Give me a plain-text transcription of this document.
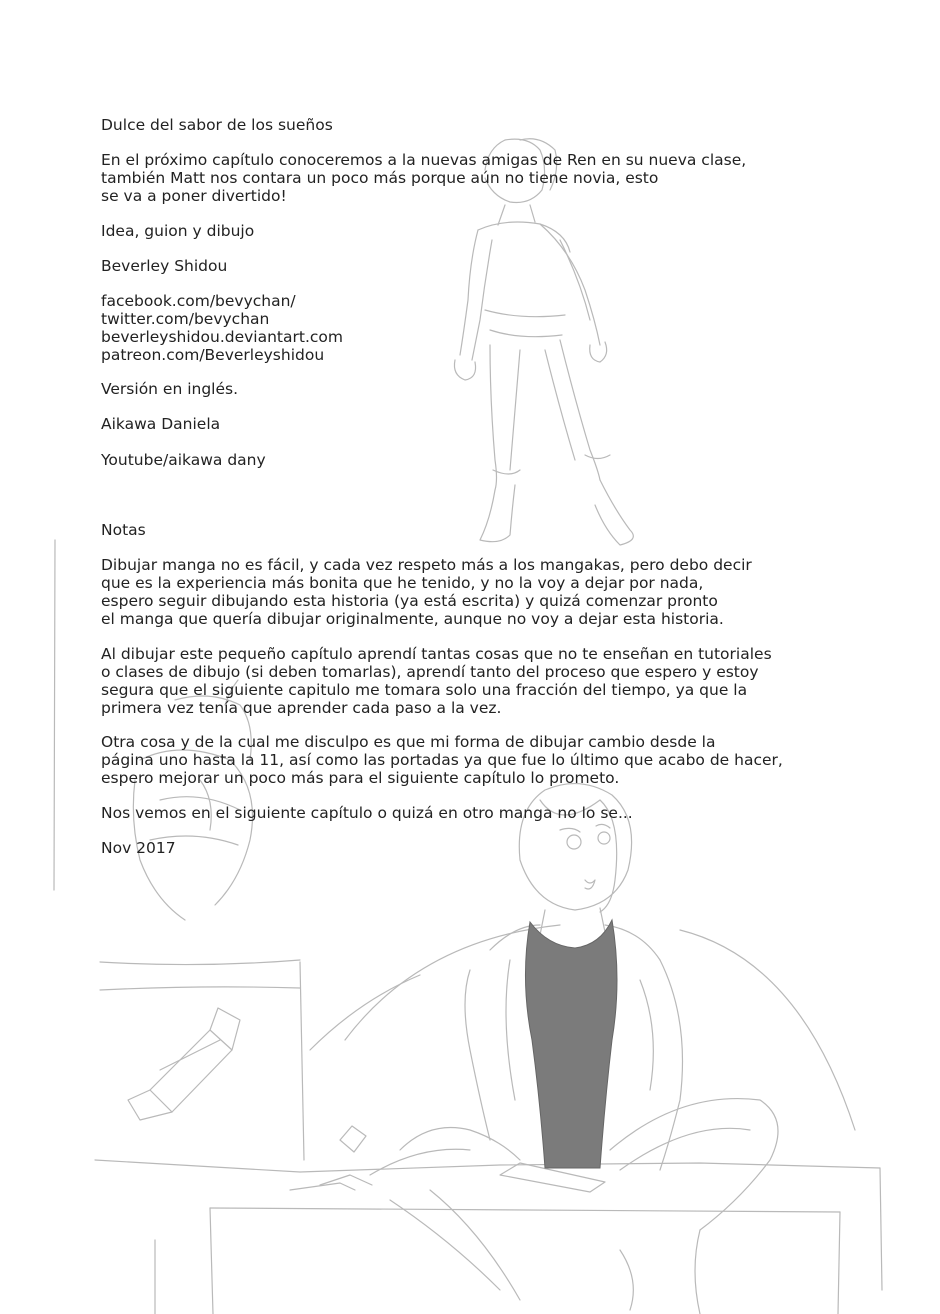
Dulce del sabor de los sueños

En el próximo capítulo conoceremos a la nuevas amigas de Ren en su nueva clase,

también Matt nos contara un poco más porque aún no tiene novia, esto

se va a poner divertido!

Idea, guion y dibujo

Beverley Shidou

facebook.com/bevychan/

twitter.com/bevychan

beverleyshidou.deviantart.com

patreon.com/Beverleyshidou

Versión en inglés.

Aikawa Daniela

Youtube/aikawa dany

Notas

Dibujar manga no es fácil, y cada vez respeto más a los mangakas, pero debo decir

que es la experiencia más bonita que he tenido, y no la voy a dejar por nada,

espero seguir dibujando esta historia (ya está escrita) y quizá comenzar pronto

el manga que quería dibujar originalmente, aunque no voy a dejar esta historia.

Al dibujar este pequeño capítulo aprendí tantas cosas que no te enseñan en tutoriales

o clases de dibujo (si deben tomarlas), aprendí tanto del proceso que espero y estoy

segura que el siguiente capitulo me tomara solo una fracción del tiempo, ya que la

primera vez tenía que aprender cada paso a la vez.

Otra cosa y de la cual me disculpo es que mi forma de dibujar cambio desde la

página uno hasta la 11, así como las portadas ya que fue lo último que acabo de hacer,

espero mejorar un poco más para el siguiente capítulo lo prometo.

Nos vemos en el siguiente capítulo o quizá en otro manga no lo se...

Nov 2017
